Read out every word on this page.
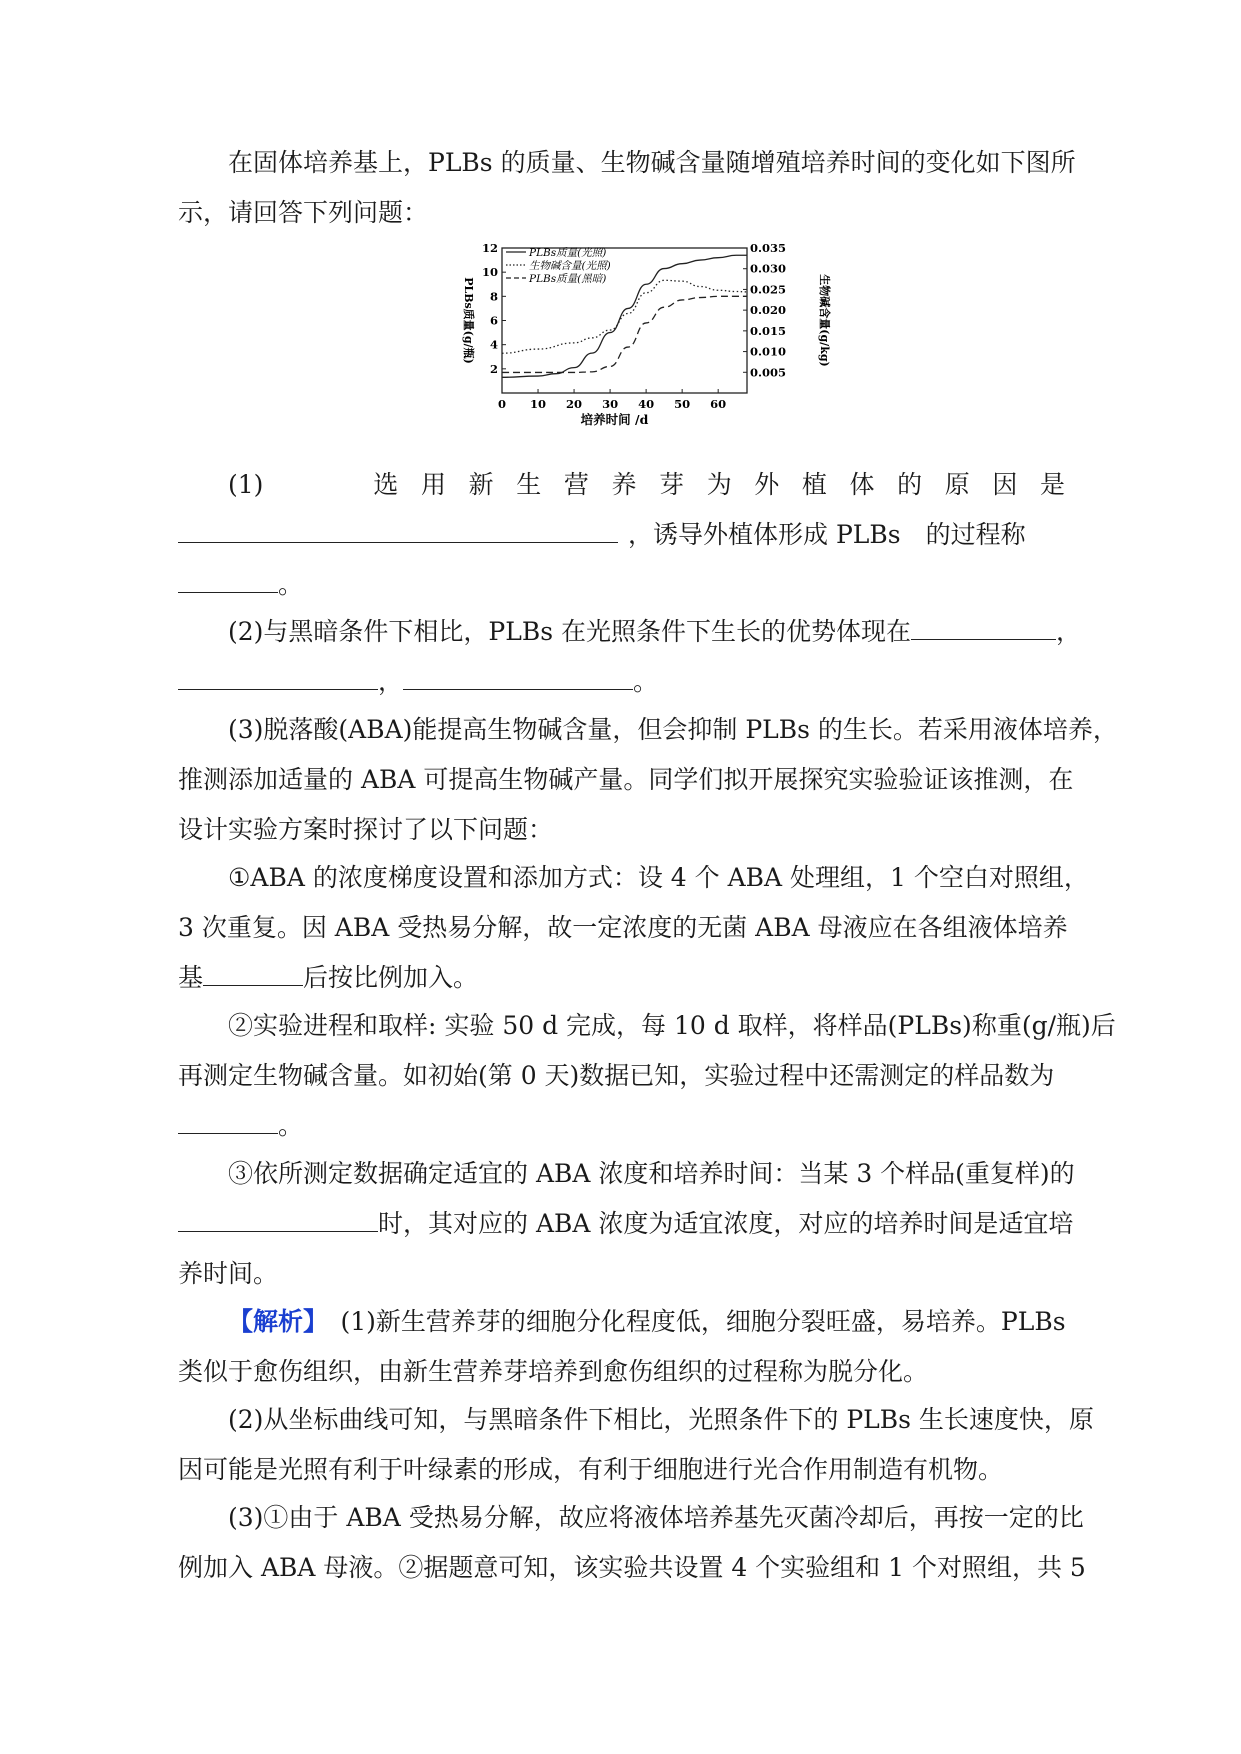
在固体培养基上，PLBs 的质量、生物碱含量随增殖培养时间的变化如下图所
示，请回答下列问题：
0 10 20 30 40 50 60
2
4
6
8
10
12
0.005
0.010
0.015
0.020
0.025
0.030
0.035
培养时间 /d
PLBs质量(g/瓶)	生物碱含量(g/kg)
PLBs质量(光照)
生物碱含量(光照)
PLBs质量(黑暗)
(1)	选 用 新 生 营 养 芽 为 外 植 体 的 原 因 是
，诱导外植体形成 PLBs　的过程称
。
(2)与黑暗条件下相比，PLBs 在光照条件下生长的优势体现在	，
，	。
(3)脱落酸(ABA)能提高生物碱含量，但会抑制 PLBs 的生长。若采用液体培养，
推测添加适量的 ABA 可提高生物碱产量。同学们拟开展探究实验验证该推测，在
设计实验方案时探讨了以下问题：
①ABA 的浓度梯度设置和添加方式：设 4 个 ABA 处理组，1 个空白对照组，
3 次重复。因 ABA 受热易分解，故一定浓度的无菌 ABA 母液应在各组液体培养
基	后按比例加入。
②实验进程和取样: 实验 50 d 完成，每 10 d 取样，将样品(PLBs)称重(g/瓶)后
再测定生物碱含量。如初始(第 0 天)数据已知，实验过程中还需测定的样品数为
。
③依所测定数据确定适宜的 ABA 浓度和培养时间：当某 3 个样品(重复样)的
时，其对应的 ABA 浓度为适宜浓度，对应的培养时间是适宜培
养时间。
【解析】　(1)新生营养芽的细胞分化程度低，细胞分裂旺盛，易培养。PLBs
类似于愈伤组织，由新生营养芽培养到愈伤组织的过程称为脱分化。
(2)从坐标曲线可知，与黑暗条件下相比，光照条件下的 PLBs 生长速度快，原
因可能是光照有利于叶绿素的形成，有利于细胞进行光合作用制造有机物。
(3)①由于 ABA 受热易分解，故应将液体培养基先灭菌冷却后，再按一定的比
例加入 ABA 母液。②据题意可知，该实验共设置 4 个实验组和 1 个对照组，共 5
